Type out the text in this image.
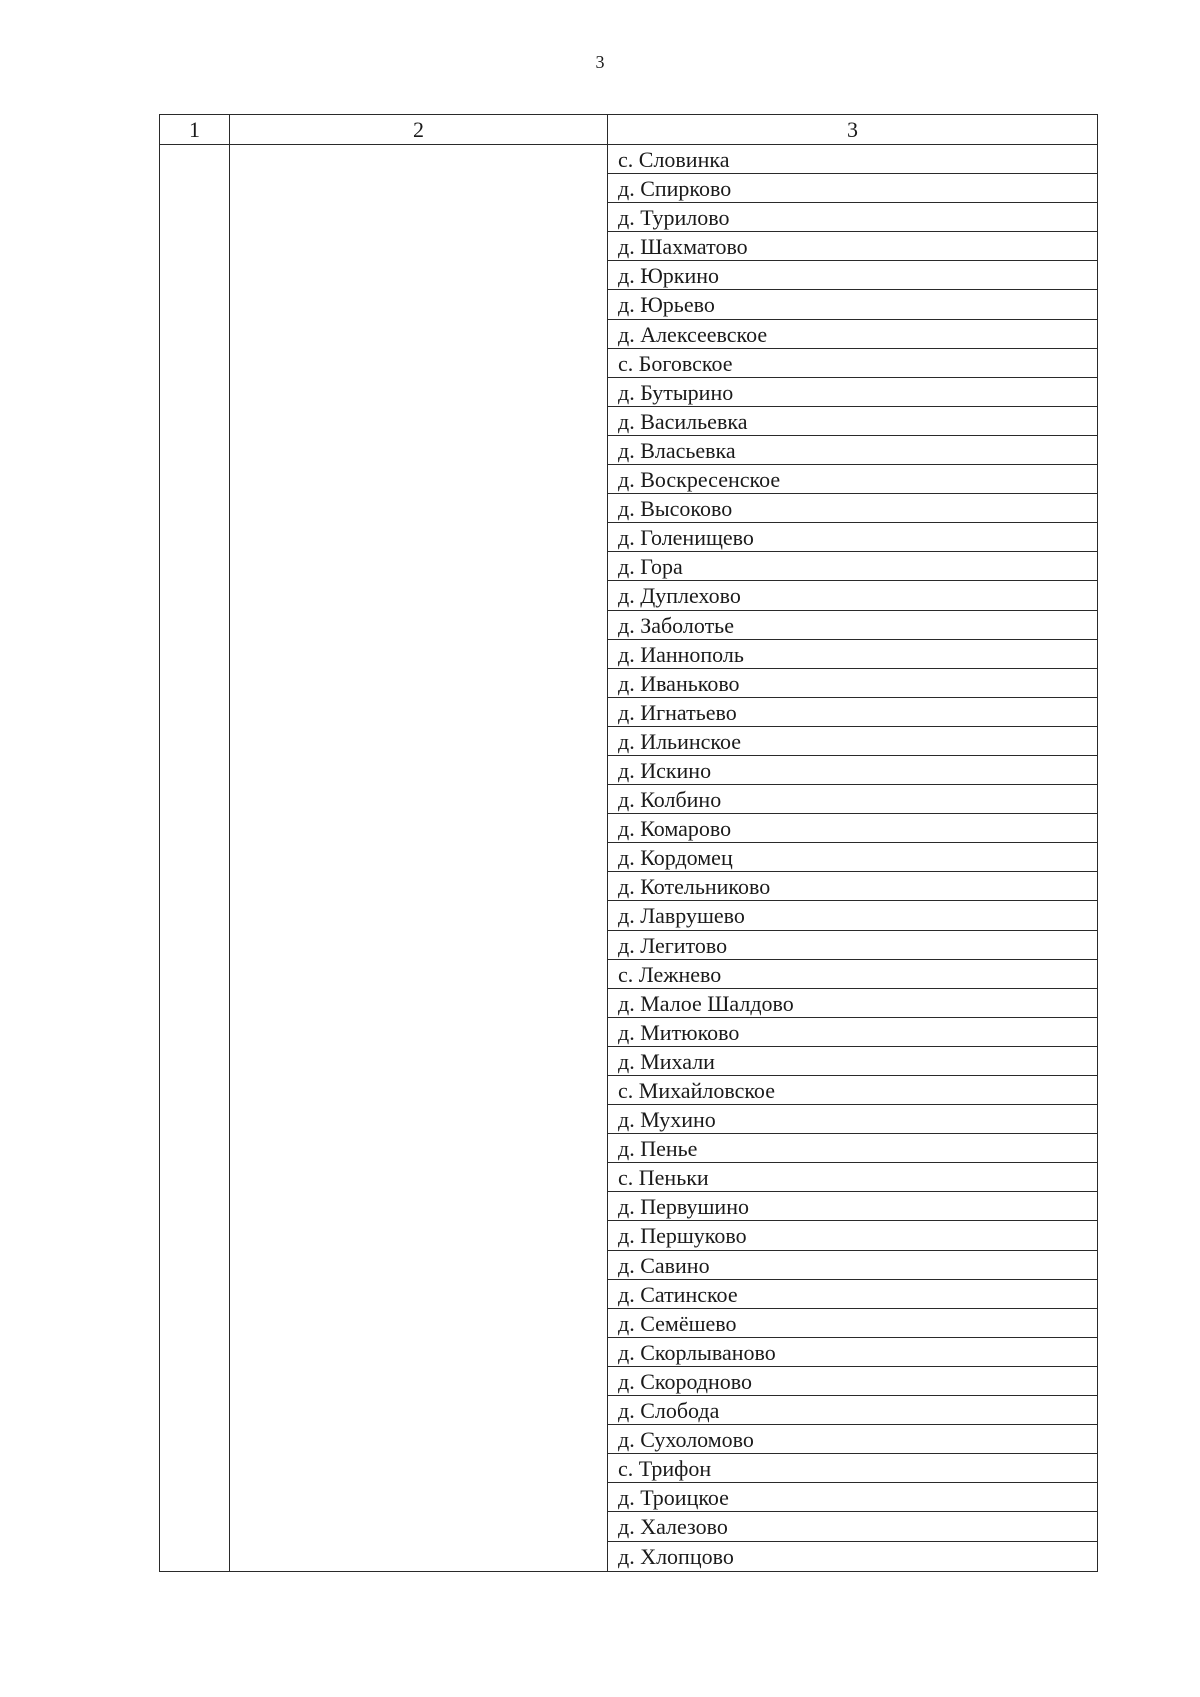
3
1	2	3
с. Словинка
д. Спирково
д. Турилово
д. Шахматово
д. Юркино
д. Юрьево
д. Алексеевское
с. Боговское
д. Бутырино
д. Васильевка
д. Власьевка
д. Воскресенское
д. Высоково
д. Голенищево
д. Гора
д. Дуплехово
д. Заболотье
д. Ианнополь
д. Иваньково
д. Игнатьево
д. Ильинское
д. Искино
д. Колбино
д. Комарово
д. Кордомец
д. Котельниково
д. Лаврушево
д. Легитово
с. Лежнево
д. Малое Шалдово
д. Митюково
д. Михали
с. Михайловское
д. Мухино
д. Пенье
с. Пеньки
д. Первушино
д. Першуково
д. Савино
д. Сатинское
д. Семёшево
д. Скорлываново
д. Скородново
д. Слобода
д. Сухоломово
с. Трифон
д. Троицкое
д. Халезово
д. Хлопцово
